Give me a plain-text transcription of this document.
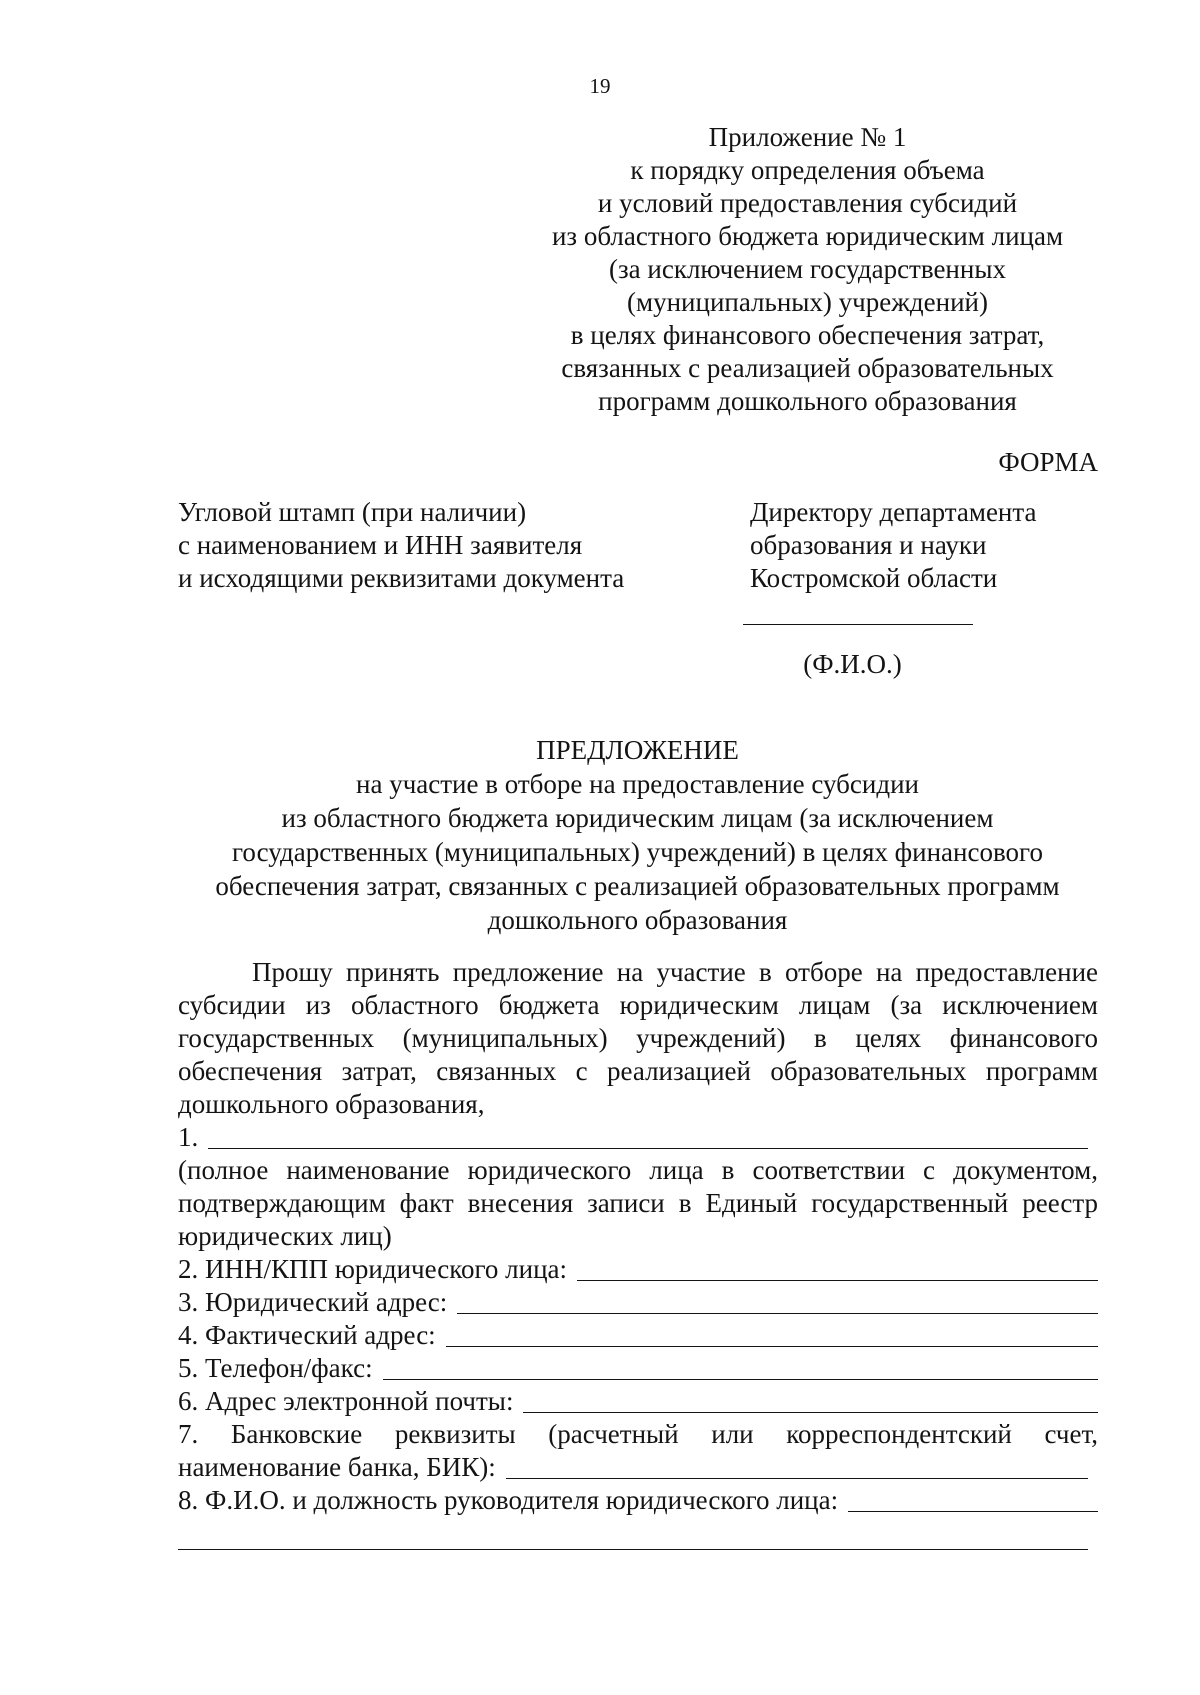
19
Приложение № 1
к порядку определения объема
и условий предоставления субсидий
из областного бюджета юридическим лицам
(за исключением государственных
(муниципальных) учреждений)
в целях финансового обеспечения затрат,
связанных с реализацией образовательных
программ дошкольного образования
ФОРМА
Угловой штамп (при наличии)
с наименованием и ИНН заявителя
и исходящими реквизитами документа
Директору департамента
образования и науки
Костромской области
(Ф.И.О.)
ПРЕДЛОЖЕНИЕ
на участие в отборе на предоставление субсидии
из областного бюджета юридическим лицам (за исключением
государственных (муниципальных) учреждений) в целях финансового
обеспечения затрат, связанных с реализацией образовательных программ
дошкольного образования
Прошу принять предложение на участие в отборе на предоставление
субсидии из областного бюджета юридическим лицам (за исключением
государственных (муниципальных) учреждений) в целях финансового
обеспечения затрат, связанных с реализацией образовательных программ
дошкольного образования,
1.
(полное наименование юридического лица в соответствии с документом,
подтверждающим факт внесения записи в Единый государственный реестр
юридических лиц)
2. ИНН/КПП юридического лица:
3. Юридический адрес:
4. Фактический адрес:
5. Телефон/факс:
6. Адрес электронной почты:
7. Банковские реквизиты (расчетный или корреспондентский счет,
наименование банка, БИК):
8. Ф.И.О. и должность руководителя юридического лица:
